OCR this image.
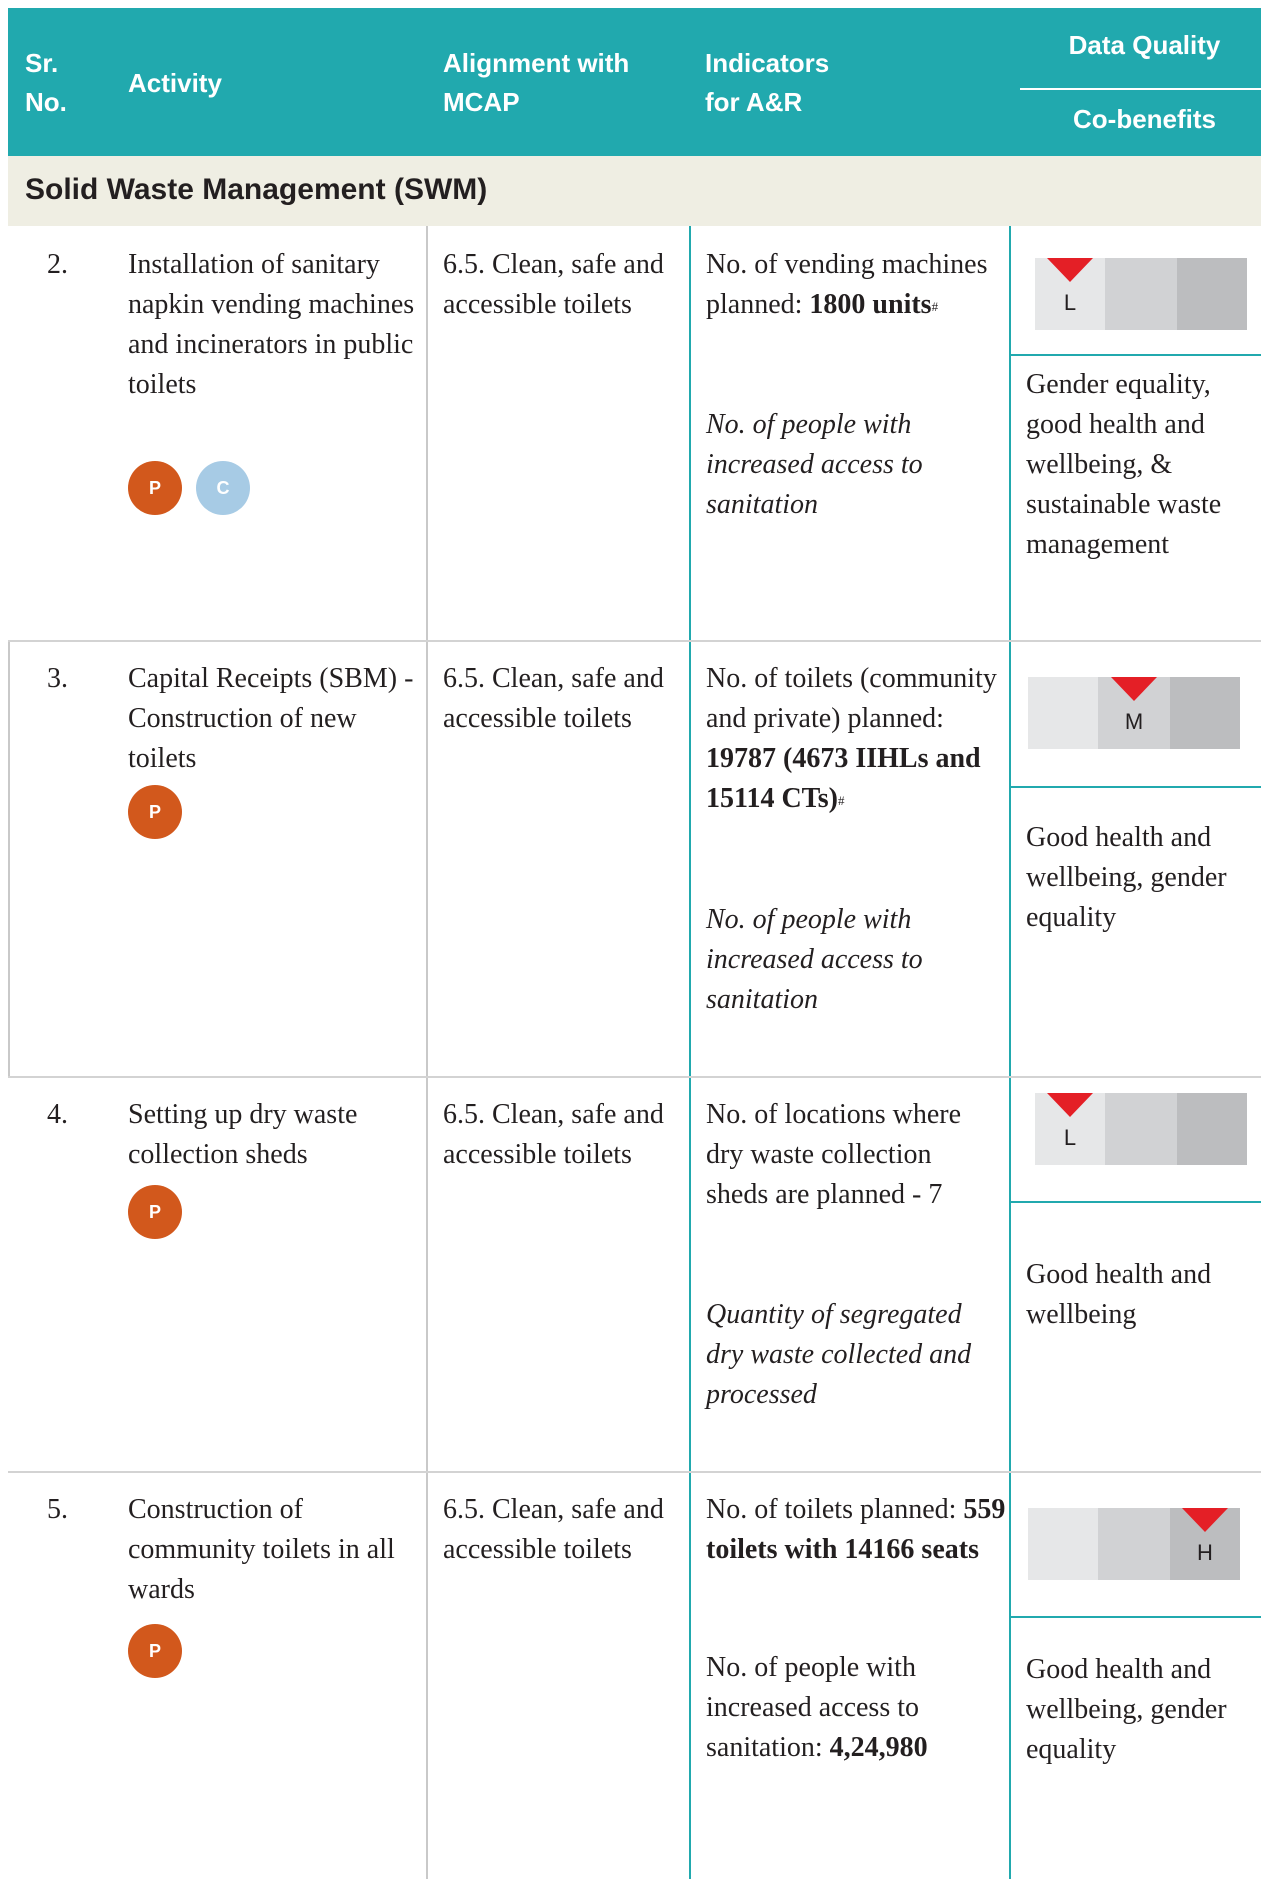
Sr. No.
Activity
Alignment with MCAP
Indicators for A&R
Data Quality
Co-benefits
Solid Waste Management (SWM)
2. Installation of sanitary napkin vending machines and incinerators in public toilets
P	C
6.5. Clean, safe and accessible toilets
No. of vending machines planned: 1800 units#
No. of people with increased access to sanitation
L
Gender equality, good health and wellbeing, & sustainable waste management
3. Capital Receipts (SBM) -Construction of new toilets
P
6.5. Clean, safe and accessible toilets
No. of toilets (community and private) planned: 19787 (4673 IIHLs and 15114 CTs)#
No. of people with increased access to sanitation
M
Good health and wellbeing, gender equality
4. Setting up dry waste collection sheds
P
6.5. Clean, safe and accessible toilets
No. of locations where dry waste collection sheds are planned - 7
Quantity of segregated dry waste collected and processed
L
Good health and wellbeing
5. Construction of community toilets in all wards
P
6.5. Clean, safe and accessible toilets
No. of toilets planned: 559 toilets with 14166 seats
No. of people with increased access to sanitation: 4,24,980
H
Good health and wellbeing, gender equality
